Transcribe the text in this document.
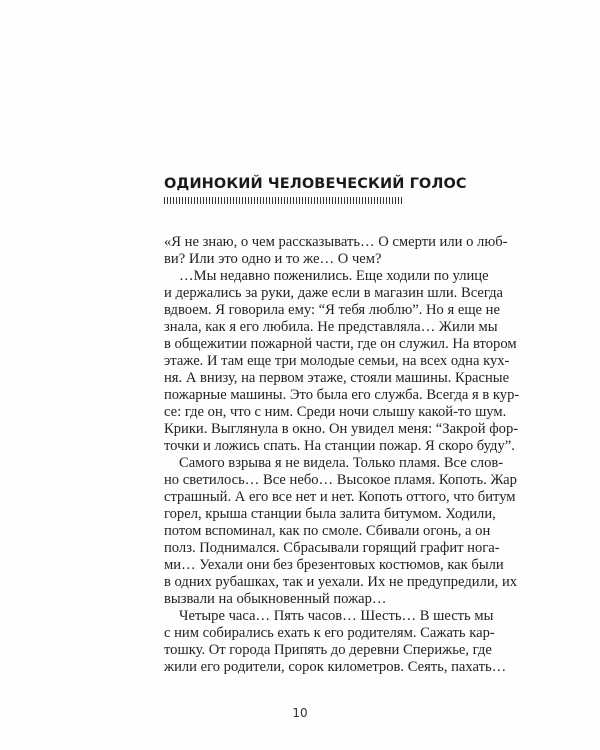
ОДИНОКИЙ ЧЕЛОВЕЧЕСКИЙ ГОЛОС
«Я не знаю, о чем рассказывать… О смерти или о люб-
ви? Или это одно и то же… О чем?
…Мы недавно поженились. Еще ходили по улице
и держались за руки, даже если в магазин шли. Всегда
вдвоем. Я говорила ему: “Я тебя люблю”. Но я еще не
знала, как я его любила. Не представляла… Жили мы
в общежитии пожарной части, где он служил. На втором
этаже. И там еще три молодые семьи, на всех одна кух-
ня. А внизу, на первом этаже, стояли машины. Красные
пожарные машины. Это была его служба. Всегда я в кур-
се: где он, что с ним. Среди ночи слышу какой-то шум.
Крики. Выглянула в окно. Он увидел меня: “Закрой фор-
точки и ложись спать. На станции пожар. Я скоро буду”.
Самого взрыва я не видела. Только пламя. Все слов-
но светилось… Все небо… Высокое пламя. Копоть. Жар
страшный. А его все нет и нет. Копоть оттого, что битум
горел, крыша станции была залита битумом. Ходили,
потом вспоминал, как по смоле. Сбивали огонь, а он
полз. Поднимался. Сбрасывали горящий графит нога-
ми… Уехали они без брезентовых костюмов, как были
в одних рубашках, так и уехали. Их не предупредили, их
вызвали на обыкновенный пожар…
Четыре часа… Пять часов… Шесть… В шесть мы
с ним собирались ехать к его родителям. Сажать кар-
тошку. От города Припять до деревни Сперижье, где
жили его родители, сорок километров. Сеять, пахать…
10
